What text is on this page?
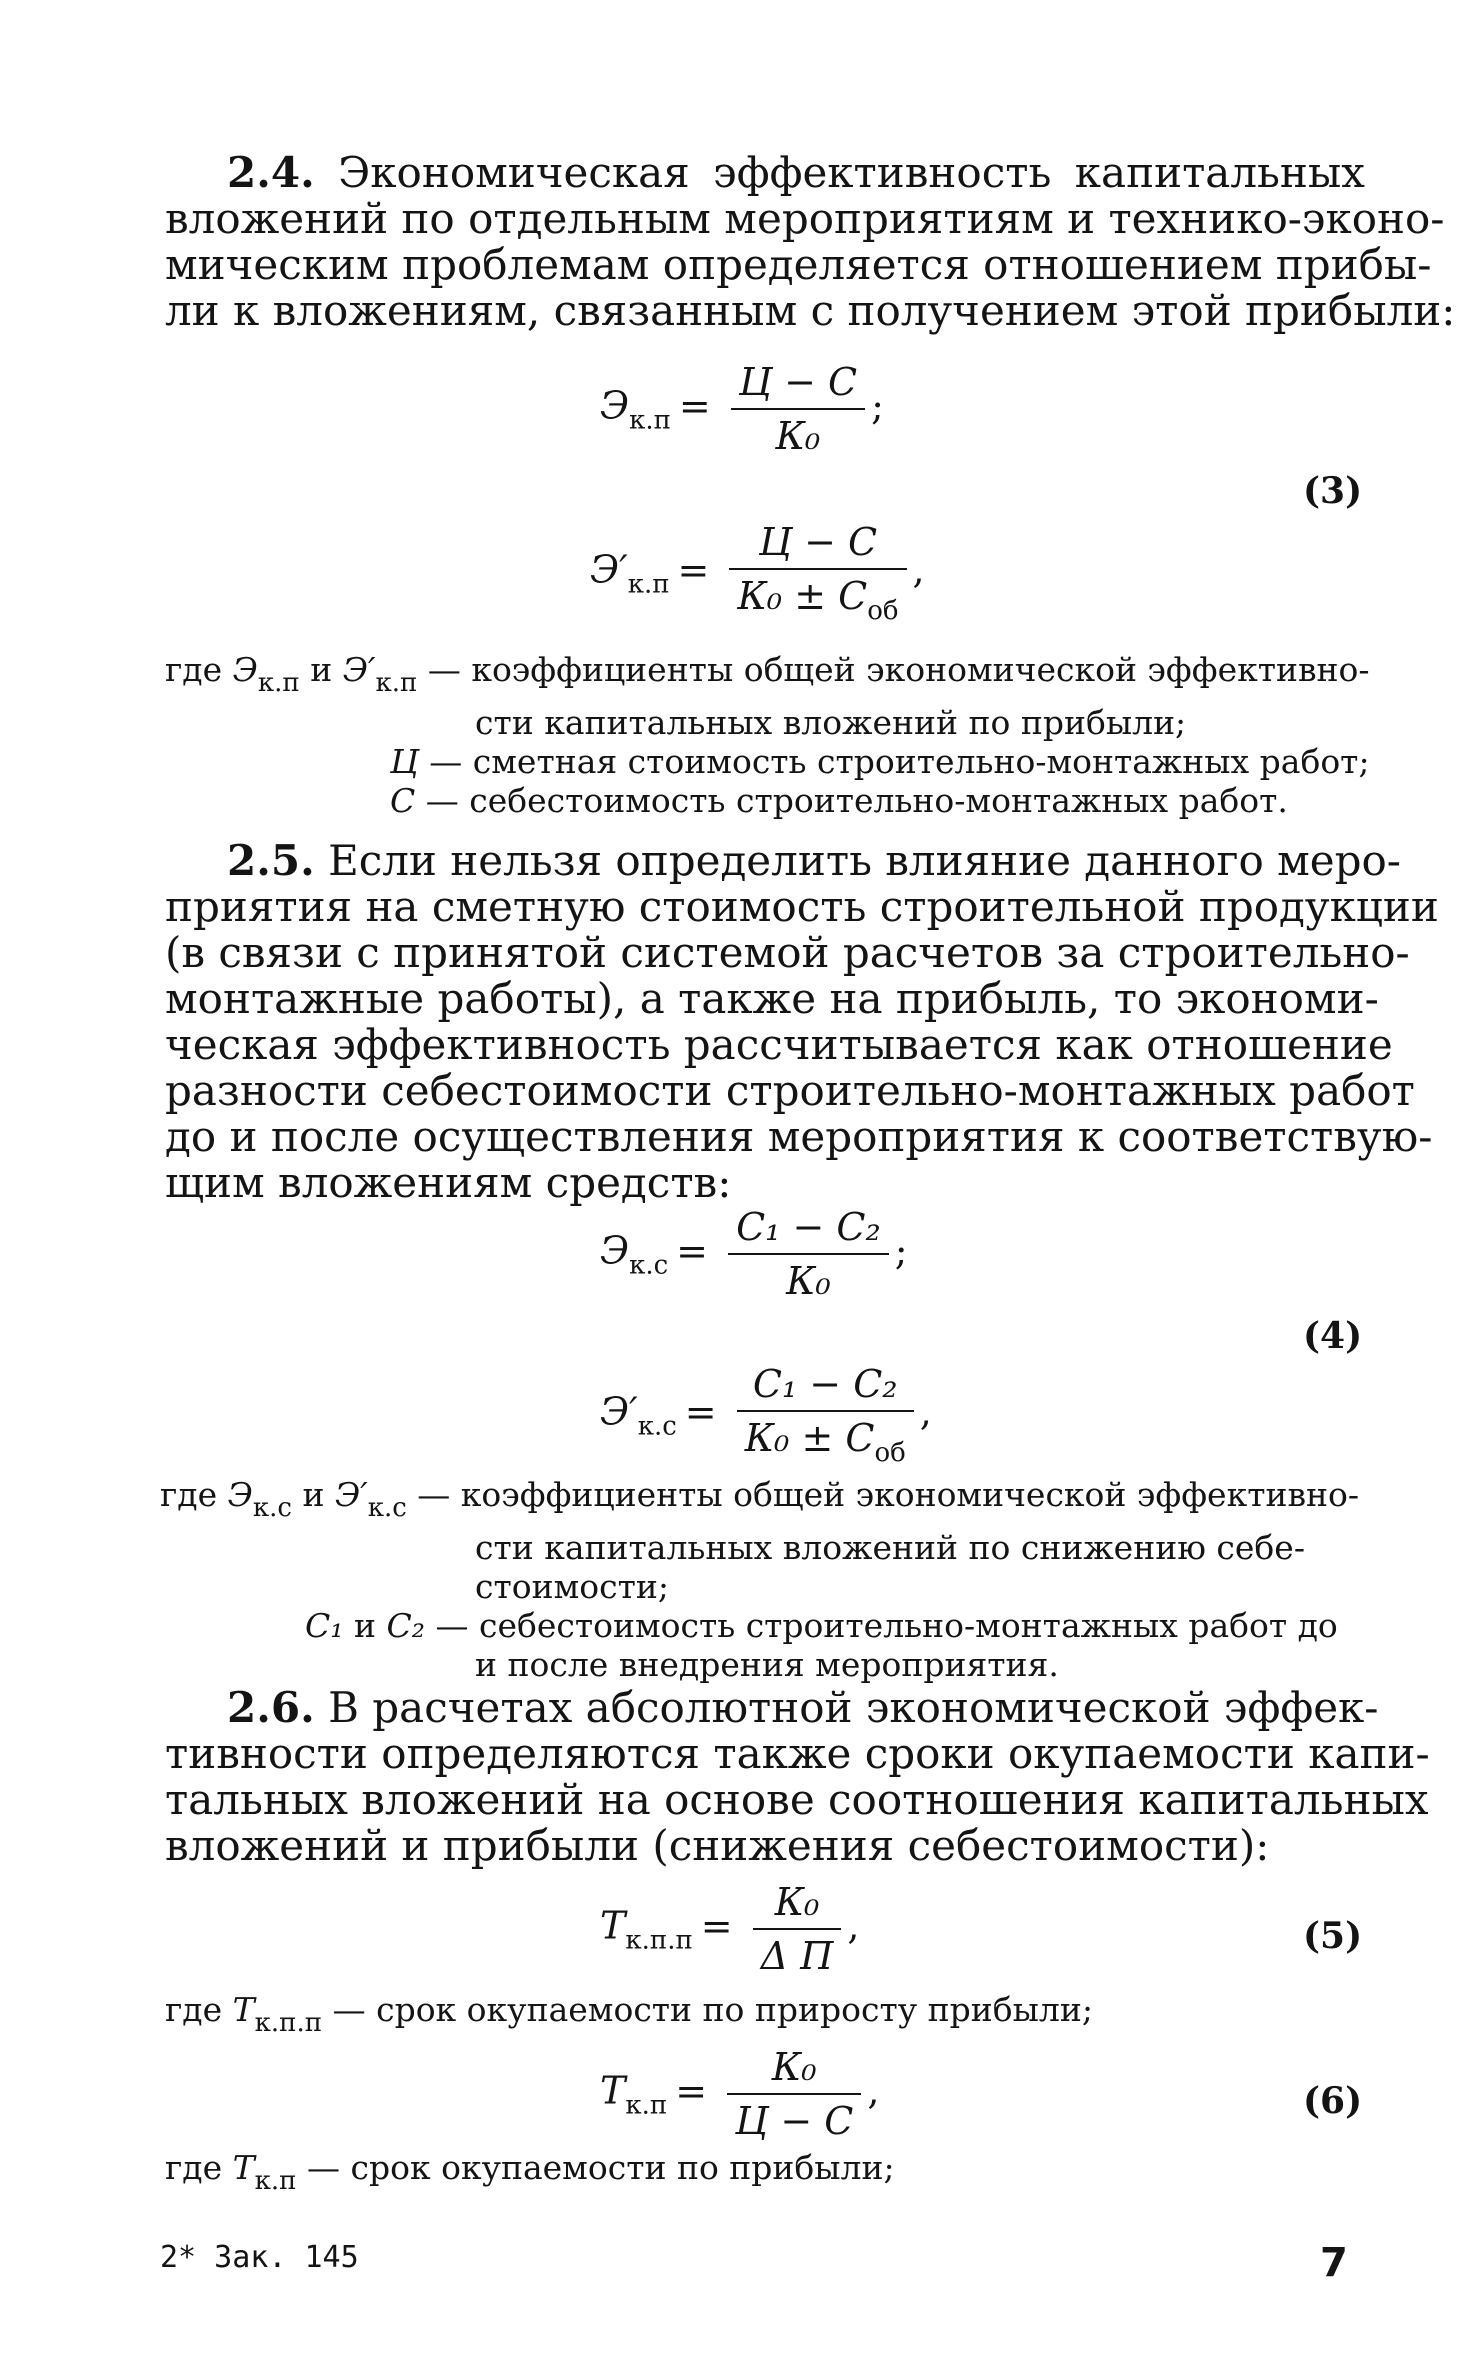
2.4. Экономическая эффективность капитальных
вложений по отдельным мероприятиям и технико-эконо-
мическим проблемам определяется отношением прибы-
ли к вложениям, связанным с получением этой прибыли:
$Э_{к.п} = \frac{Ц - С}{\text{К₀}}$ ;
(3)
$Э'_{к.п} = \frac{Ц - С}{К_0 \pm С_{об}}$ ,
где $Э_{к.п}$ и $Э'_{к.п}$ — коэффициенты общей экономической эффективно-
сти капитальных вложений по прибыли;
Ц — сметная стоимость строительно-монтажных работ;
С — себестоимость строительно-монтажных работ.
2.5. Если нельзя определить влияние данного меро-
приятия на сметную стоимость строительной продукции
(в связи с принятой системой расчетов за строительно-
монтажные работы), а также на прибыль, то экономи-
ческая эффективность рассчитывается как отношение
разности себестоимости строительно-монтажных работ
до и после осуществления мероприятия к соответствую-
щим вложениям средств:
$Э_{к.с} = \frac{\text{С₁ − С₂}}{\text{К₀}}$ ;
(4)
$Э'_{к.с} = \frac{\text{С₁ − С₂}}{К_0 \pm С_{об}}$ ,
где $Э_{к.с}$ и $Э'_{к.с}$ — коэффициенты общей экономической эффективно-
сти капитальных вложений по снижению себе-
стоимости;
С₁ и С₂ — себестоимость строительно-монтажных работ до
и после внедрения мероприятия.
2.6. В расчетах абсолютной экономической эффек-
тивности определяются также сроки окупаемости капи-
тальных вложений на основе соотношения капитальных
вложений и прибыли (снижения себестоимости):
$Т_{к.п.п} = \frac{\text{К₀}}{\text{Δ П}}$ ,	(5)
где $Т_{к.п.п}$ — срок окупаемости по приросту прибыли;
$Т_{к.п} = \frac{\text{К₀}}{Ц - С}$ ,	(6)
где $Т_{к.п}$ — срок окупаемости по прибыли;
2* Зак. 145	7
